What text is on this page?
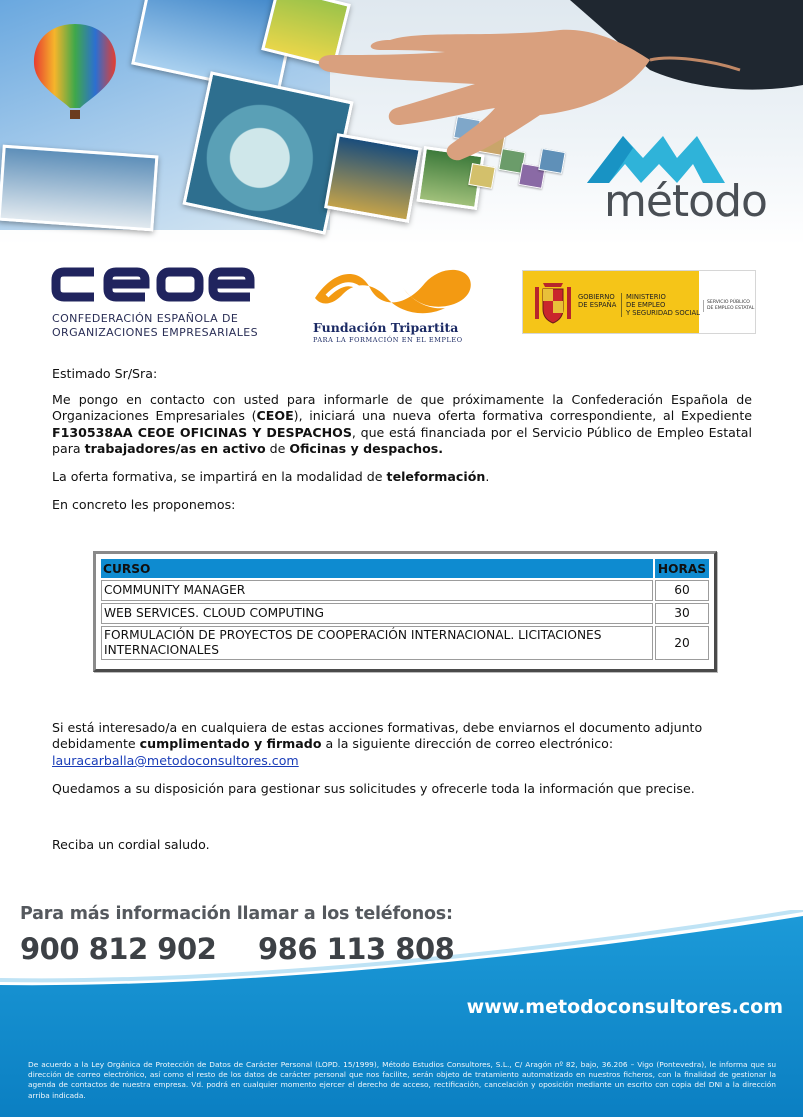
método
CONFEDERACIÓN ESPAÑOLA DE
ORGANIZACIONES EMPRESARIALES	Fundación Tripartita
PARA LA FORMACIÓN EN EL EMPLEO
GOBIERNO
DE ESPAÑA
MINISTERIO
DE EMPLEO
Y SEGURIDAD SOCIAL
SERVICIO PÚBLICO
DE EMPLEO ESTATAL
Estimado Sr/Sra:
Me pongo en contacto con usted para informarle de que próximamente la Confederación Española de Organizaciones Empresariales (CEOE), iniciará una nueva oferta formativa correspondiente, al Expediente F130538AA CEOE OFICINAS Y DESPACHOS, que está financiada por el Servicio Público de Empleo Estatal para trabajadores/as en activo de Oficinas y despachos.
La oferta formativa, se impartirá en la modalidad de teleformación.
En concreto les proponemos:
CURSO	HORAS
COMMUNITY MANAGER	60
WEB SERVICES. CLOUD COMPUTING	30
FORMULACIÓN DE PROYECTOS DE COOPERACIÓN INTERNACIONAL. LICITACIONES INTERNACIONALES	20
Si está interesado/a en cualquiera de estas acciones formativas, debe enviarnos el documento adjunto debidamente cumplimentado y firmado a la siguiente dirección de correo electrónico:
lauracarballa@metodoconsultores.com
Quedamos a su disposición para gestionar sus solicitudes y ofrecerle toda la información que precise.
Reciba un cordial saludo.
Para más información llamar a los teléfonos:
900 812 902 986 113 808
www.metodoconsultores.com
De acuerdo a la Ley Orgánica de Protección de Datos de Carácter Personal (LOPD. 15/1999), Método Estudios Consultores, S.L., C/ Aragón nº 82, bajo, 36.206 – Vigo (Pontevedra), le informa que su dirección de correo electrónico, así como el resto de los datos de carácter personal que nos facilite, serán objeto de tratamiento automatizado en nuestros ficheros, con la finalidad de gestionar la agenda de contactos de nuestra empresa. Vd. podrá en cualquier momento ejercer el derecho de acceso, rectificación, cancelación y oposición mediante un escrito con copia del DNI a la dirección arriba indicada.
